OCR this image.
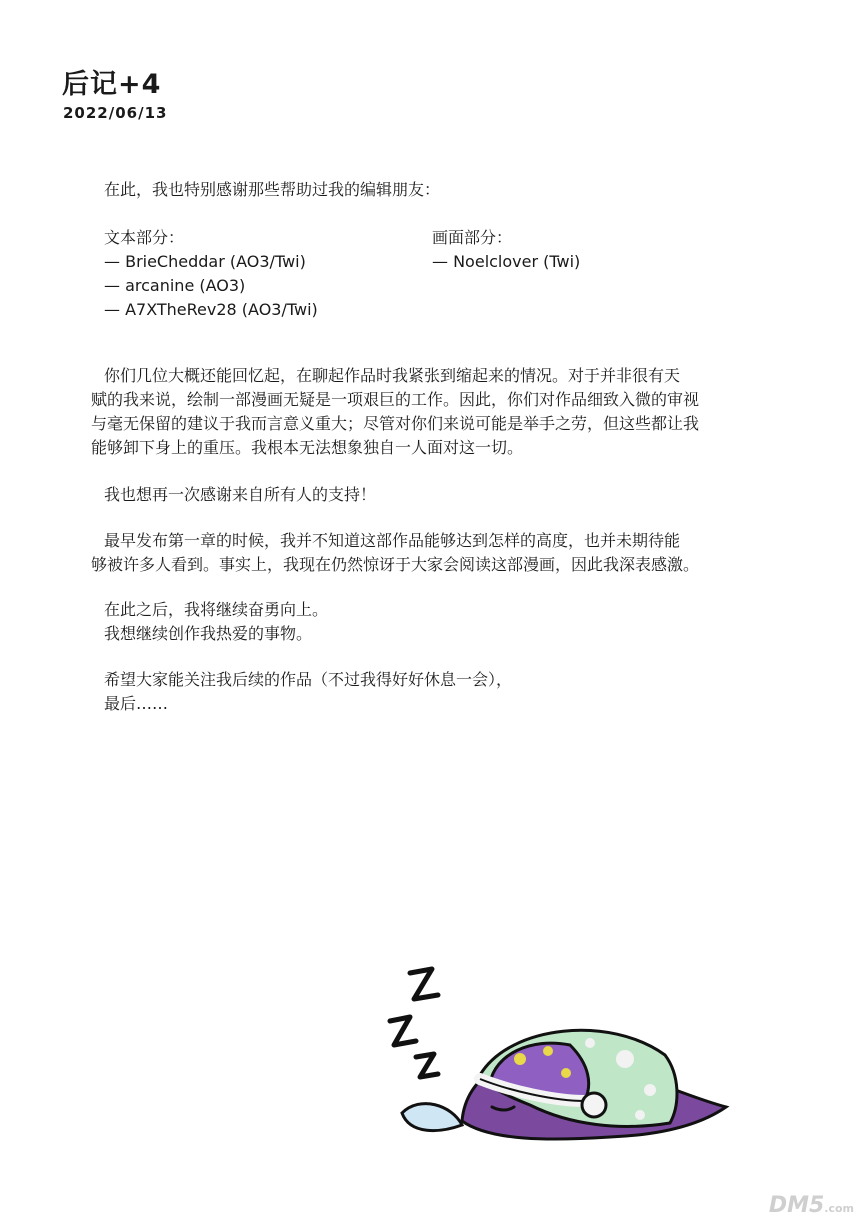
后记+4
2022/06/13
在此，我也特别感谢那些帮助过我的编辑朋友：
文本部分：
— BrieCheddar (AO3/Twi)
— arcanine (AO3)
— A7XTheRev28 (AO3/Twi)
画面部分：
— Noelclover (Twi)
你们几位大概还能回忆起，在聊起作品时我紧张到缩起来的情况。对于并非很有天
赋的我来说，绘制一部漫画无疑是一项艰巨的工作。因此，你们对作品细致入微的审视
与毫无保留的建议于我而言意义重大；尽管对你们来说可能是举手之劳，但这些都让我
能够卸下身上的重压。我根本无法想象独自一人面对这一切。
我也想再一次感谢来自所有人的支持！
最早发布第一章的时候，我并不知道这部作品能够达到怎样的高度，也并未期待能
够被许多人看到。事实上，我现在仍然惊讶于大家会阅读这部漫画，因此我深表感激。
在此之后，我将继续奋勇向上。
我想继续创作我热爱的事物。
希望大家能关注我后续的作品（不过我得好好休息一会），
最后……
DM5.com
